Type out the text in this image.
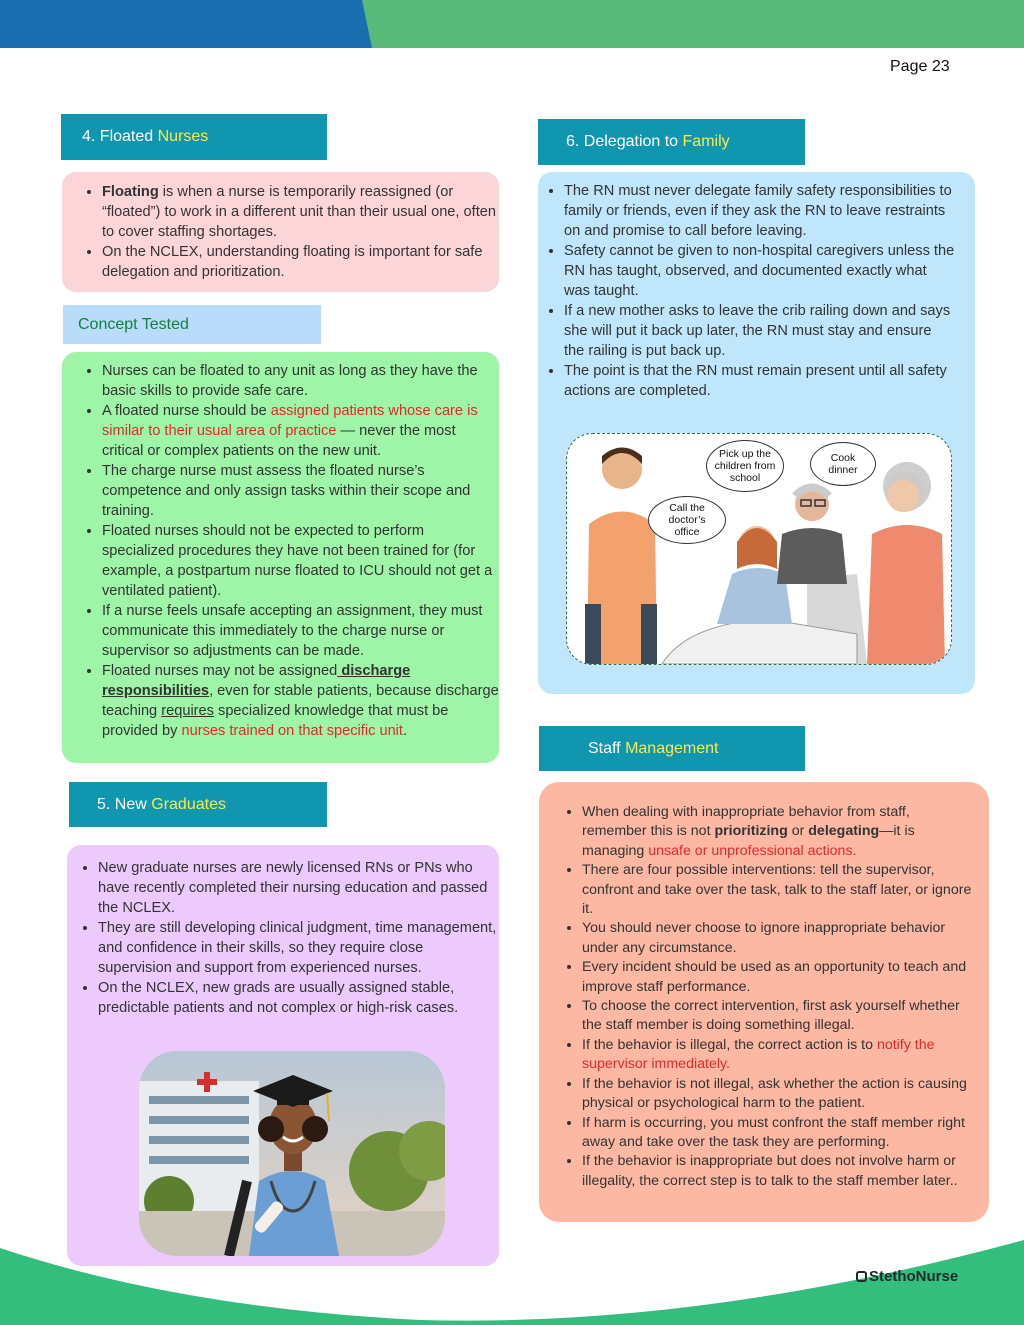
Page 23
4. Floated Nurses
• Floating is when a nurse is temporarily reassigned (or “floated”) to work in a different unit than their usual one, often to cover staffing shortages.
• On the NCLEX, understanding floating is important for safe delegation and prioritization.
Concept Tested
• Nurses can be floated to any unit as long as they have the basic skills to provide safe care.
• A floated nurse should be assigned patients whose care is similar to their usual area of practice — never the most critical or complex patients on the new unit.
• The charge nurse must assess the floated nurse’s competence and only assign tasks within their scope and training.
• Floated nurses should not be expected to perform specialized procedures they have not been trained for (for example, a postpartum nurse floated to ICU should not get a ventilated patient).
• If a nurse feels unsafe accepting an assignment, they must communicate this immediately to the charge nurse or supervisor so adjustments can be made.
• Floated nurses may not be assigned discharge responsibilities, even for stable patients, because discharge teaching requires specialized knowledge that must be provided by nurses trained on that specific unit.
5. New Graduates
• New graduate nurses are newly licensed RNs or PNs who have recently completed their nursing education and passed the NCLEX.
• They are still developing clinical judgment, time management, and confidence in their skills, so they require close supervision and support from experienced nurses.
• On the NCLEX, new grads are usually assigned stable, predictable patients and not complex or high-risk cases.
6. Delegation to Family
• The RN must never delegate family safety responsibilities to family or friends, even if they ask the RN to leave restraints on and promise to call before leaving.
• Safety cannot be given to non-hospital caregivers unless the RN has taught, observed, and documented exactly what was taught.
• If a new mother asks to leave the crib railing down and says she will put it back up later, the RN must stay and ensure the railing is put back up.
• The point is that the RN must remain present until all safety actions are completed.
Call the doctor’s office
Pick up the children from school
Cook dinner
Staff Management
• When dealing with inappropriate behavior from staff, remember this is not prioritizing or delegating—it is managing unsafe or unprofessional actions.
• There are four possible interventions: tell the supervisor, confront and take over the task, talk to the staff later, or ignore it.
• You should never choose to ignore inappropriate behavior under any circumstance.
• Every incident should be used as an opportunity to teach and improve staff performance.
• To choose the correct intervention, first ask yourself whether the staff member is doing something illegal.
• If the behavior is illegal, the correct action is to notify the supervisor immediately.
• If the behavior is not illegal, ask whether the action is causing physical or psychological harm to the patient.
• If harm is occurring, you must confront the staff member right away and take over the task they are performing.
• If the behavior is inappropriate but does not involve harm or illegality, the correct step is to talk to the staff member later..
StethoNurse
